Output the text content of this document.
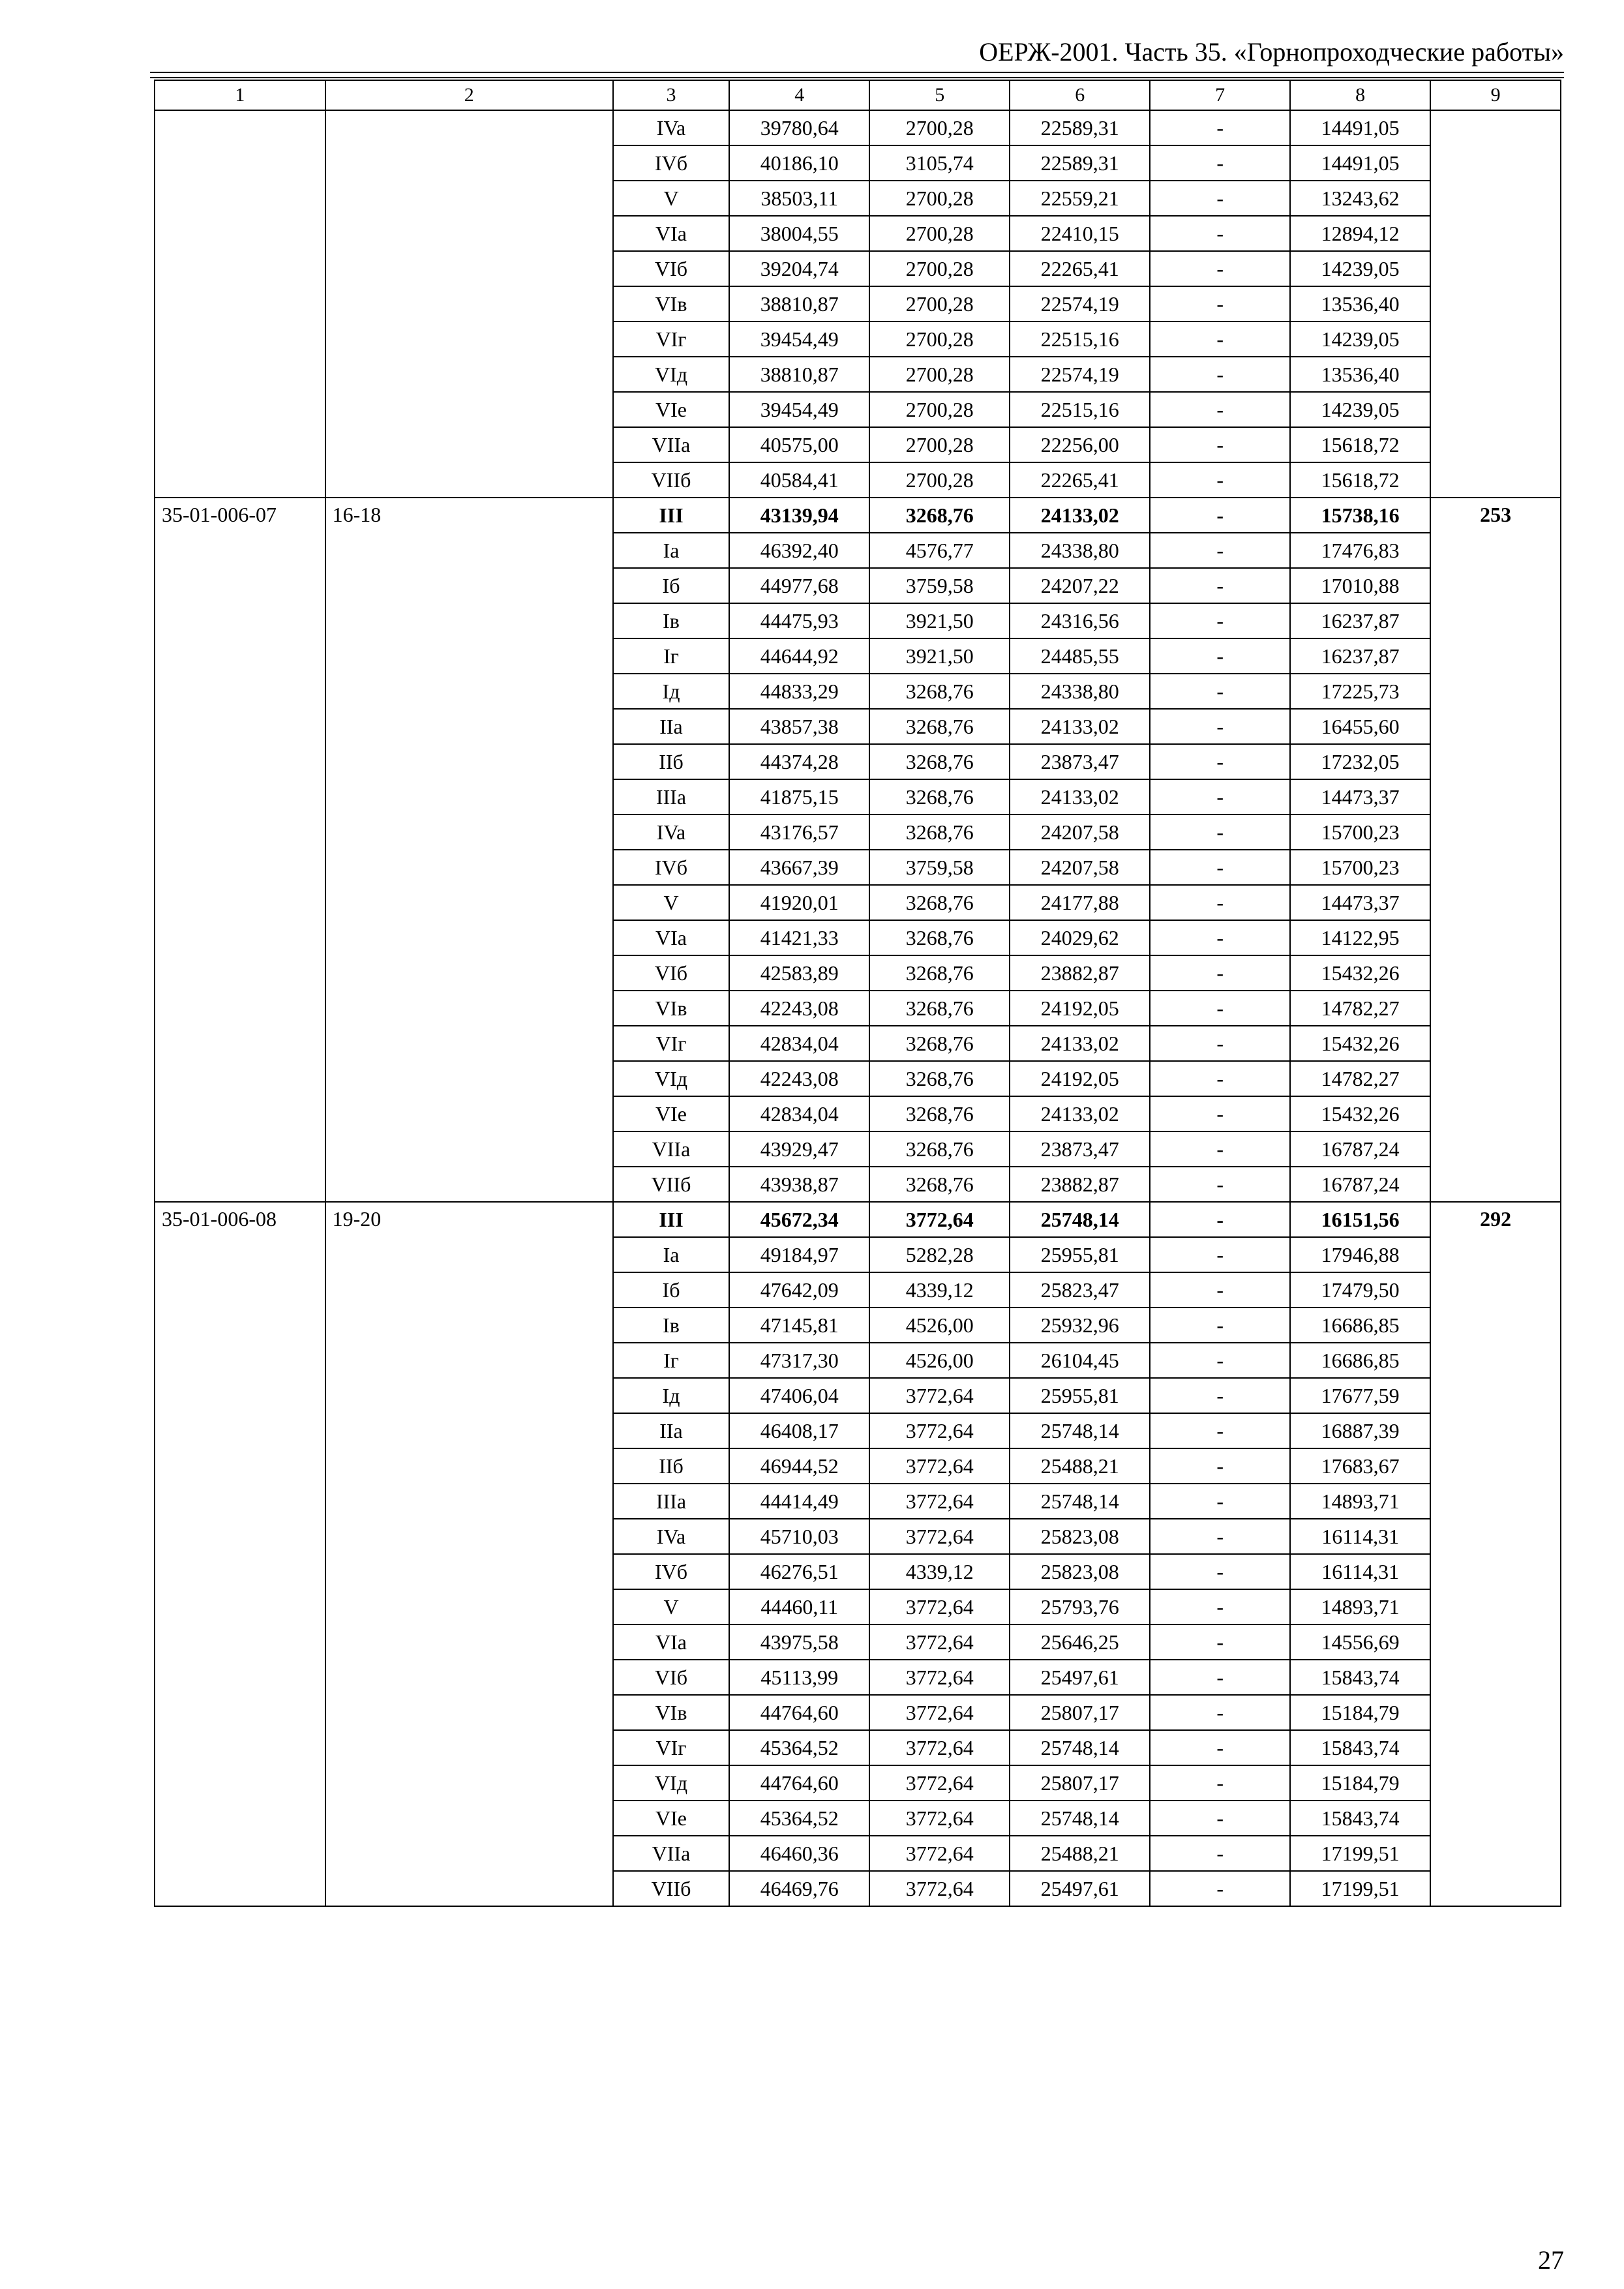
ОЕРЖ-2001. Часть 35. «Горнопроходческие работы»
1	2	3	4	5	6	7	8	9
		IVa	39780,64	2700,28	22589,31	-	14491,05	
		IVб	40186,10	3105,74	22589,31	-	14491,05	
		V	38503,11	2700,28	22559,21	-	13243,62	
		VIa	38004,55	2700,28	22410,15	-	12894,12	
		VIб	39204,74	2700,28	22265,41	-	14239,05	
		VIв	38810,87	2700,28	22574,19	-	13536,40	
		VIг	39454,49	2700,28	22515,16	-	14239,05	
		VIд	38810,87	2700,28	22574,19	-	13536,40	
		VIe	39454,49	2700,28	22515,16	-	14239,05	
		VIIa	40575,00	2700,28	22256,00	-	15618,72	
		VIIб	40584,41	2700,28	22265,41	-	15618,72	
35-01-006-07	16-18	III	43139,94	3268,76	24133,02	-	15738,16	253
		Ia	46392,40	4576,77	24338,80	-	17476,83	
		Iб	44977,68	3759,58	24207,22	-	17010,88	
		Iв	44475,93	3921,50	24316,56	-	16237,87	
		Iг	44644,92	3921,50	24485,55	-	16237,87	
		Iд	44833,29	3268,76	24338,80	-	17225,73	
		IIa	43857,38	3268,76	24133,02	-	16455,60	
		IIб	44374,28	3268,76	23873,47	-	17232,05	
		IIIa	41875,15	3268,76	24133,02	-	14473,37	
		IVa	43176,57	3268,76	24207,58	-	15700,23	
		IVб	43667,39	3759,58	24207,58	-	15700,23	
		V	41920,01	3268,76	24177,88	-	14473,37	
		VIa	41421,33	3268,76	24029,62	-	14122,95	
		VIб	42583,89	3268,76	23882,87	-	15432,26	
		VIв	42243,08	3268,76	24192,05	-	14782,27	
		VIг	42834,04	3268,76	24133,02	-	15432,26	
		VIд	42243,08	3268,76	24192,05	-	14782,27	
		VIe	42834,04	3268,76	24133,02	-	15432,26	
		VIIa	43929,47	3268,76	23873,47	-	16787,24	
		VIIб	43938,87	3268,76	23882,87	-	16787,24	
35-01-006-08	19-20	III	45672,34	3772,64	25748,14	-	16151,56	292
		Ia	49184,97	5282,28	25955,81	-	17946,88	
		Iб	47642,09	4339,12	25823,47	-	17479,50	
		Iв	47145,81	4526,00	25932,96	-	16686,85	
		Iг	47317,30	4526,00	26104,45	-	16686,85	
		Iд	47406,04	3772,64	25955,81	-	17677,59	
		IIa	46408,17	3772,64	25748,14	-	16887,39	
		IIб	46944,52	3772,64	25488,21	-	17683,67	
		IIIa	44414,49	3772,64	25748,14	-	14893,71	
		IVa	45710,03	3772,64	25823,08	-	16114,31	
		IVб	46276,51	4339,12	25823,08	-	16114,31	
		V	44460,11	3772,64	25793,76	-	14893,71	
		VIa	43975,58	3772,64	25646,25	-	14556,69	
		VIб	45113,99	3772,64	25497,61	-	15843,74	
		VIв	44764,60	3772,64	25807,17	-	15184,79	
		VIг	45364,52	3772,64	25748,14	-	15843,74	
		VIд	44764,60	3772,64	25807,17	-	15184,79	
		VIe	45364,52	3772,64	25748,14	-	15843,74	
		VIIa	46460,36	3772,64	25488,21	-	17199,51	
		VIIб	46469,76	3772,64	25497,61	-	17199,51	
27
